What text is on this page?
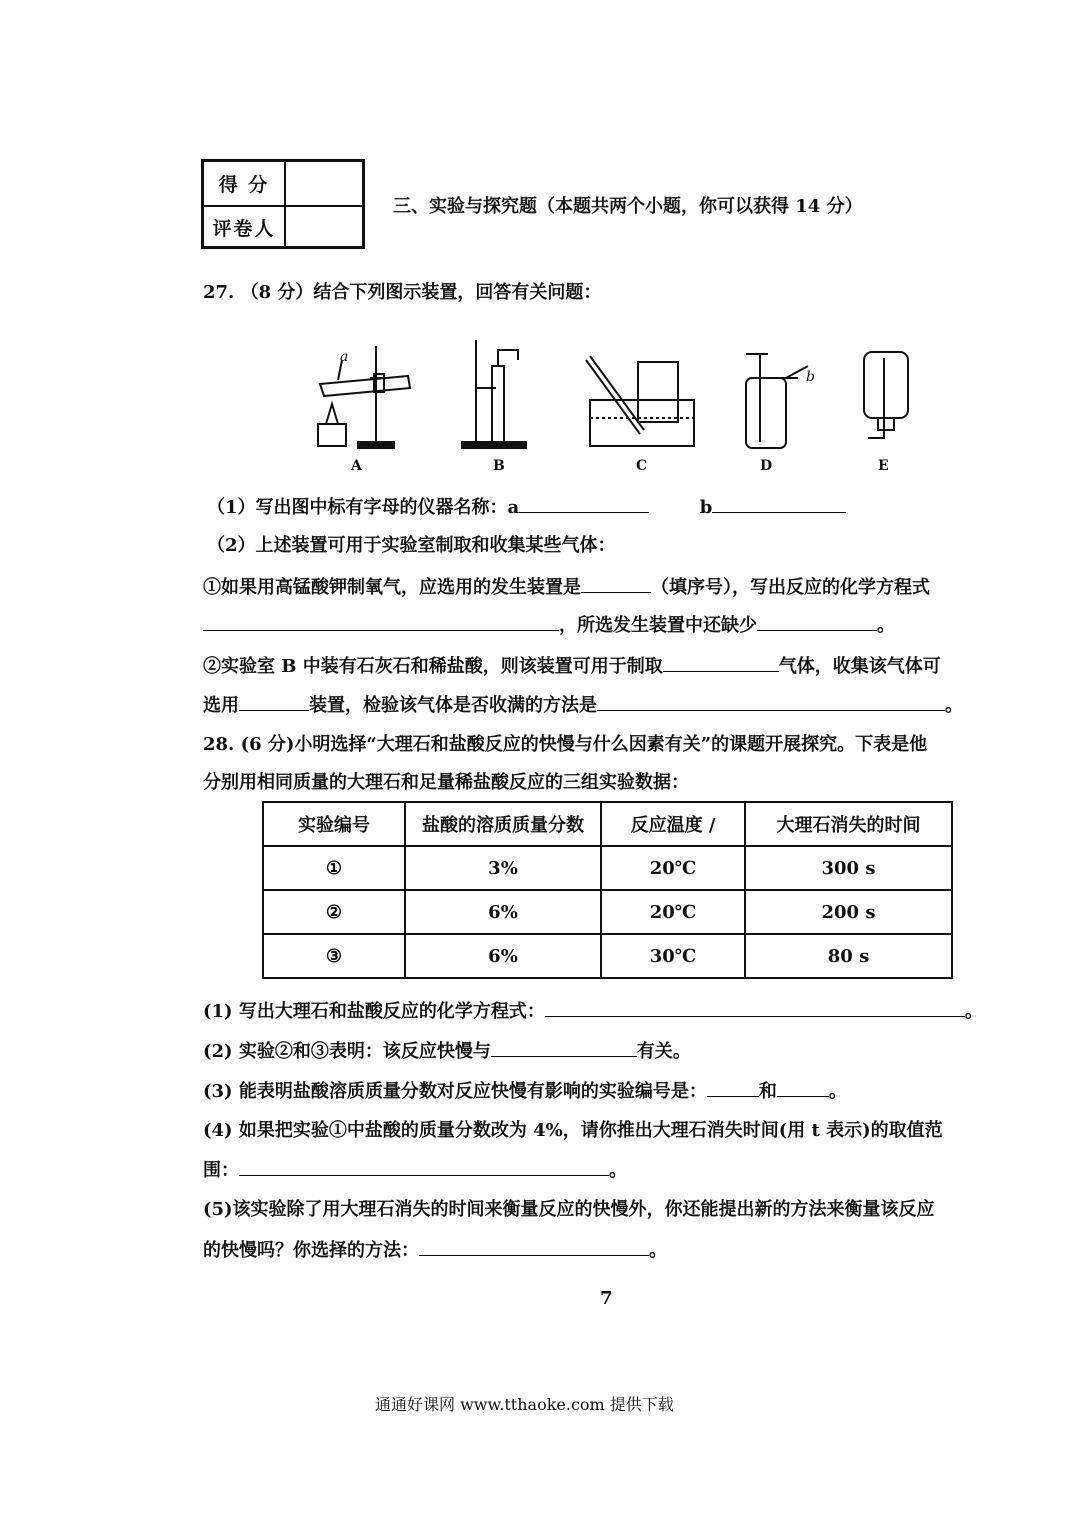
得 分
评卷人
三、实验与探究题（本题共两个小题，你可以获得 14 分）
27. （8 分）结合下列图示装置，回答有关问题：
a
b
A	B	C	D	E
（1）写出图中标有字母的仪器名称：a	b
（2）上述装置可用于实验室制取和收集某些气体：
①如果用高锰酸钾制氧气，应选用的发生装置是	（填序号），写出反应的化学方程式
，所选发生装置中还缺少	。
②实验室 B 中装有石灰石和稀盐酸，则该装置可用于制取	气体，收集该气体可
选用	装置，检验该气体是否收满的方法是	。
28. (6 分)小明选择“大理石和盐酸反应的快慢与什么因素有关”的课题开展探究。下表是他
分别用相同质量的大理石和足量稀盐酸反应的三组实验数据：
实验编号	盐酸的溶质质量分数	反应温度 /	大理石消失的时间
①	3%	20℃	300 s
②	6%	20℃	200 s
③	6%	30℃	80 s
(1) 写出大理石和盐酸反应的化学方程式：	。
(2) 实验②和③表明：该反应快慢与	有关。
(3) 能表明盐酸溶质质量分数对反应快慢有影响的实验编号是：	和	。
(4) 如果把实验①中盐酸的质量分数改为 4%，请你推出大理石消失时间(用 t 表示)的取值范
围：	。
(5)该实验除了用大理石消失的时间来衡量反应的快慢外，你还能提出新的方法来衡量该反应
的快慢吗？你选择的方法：	。
7
通通好课网 www.tthaoke.com 提供下载
